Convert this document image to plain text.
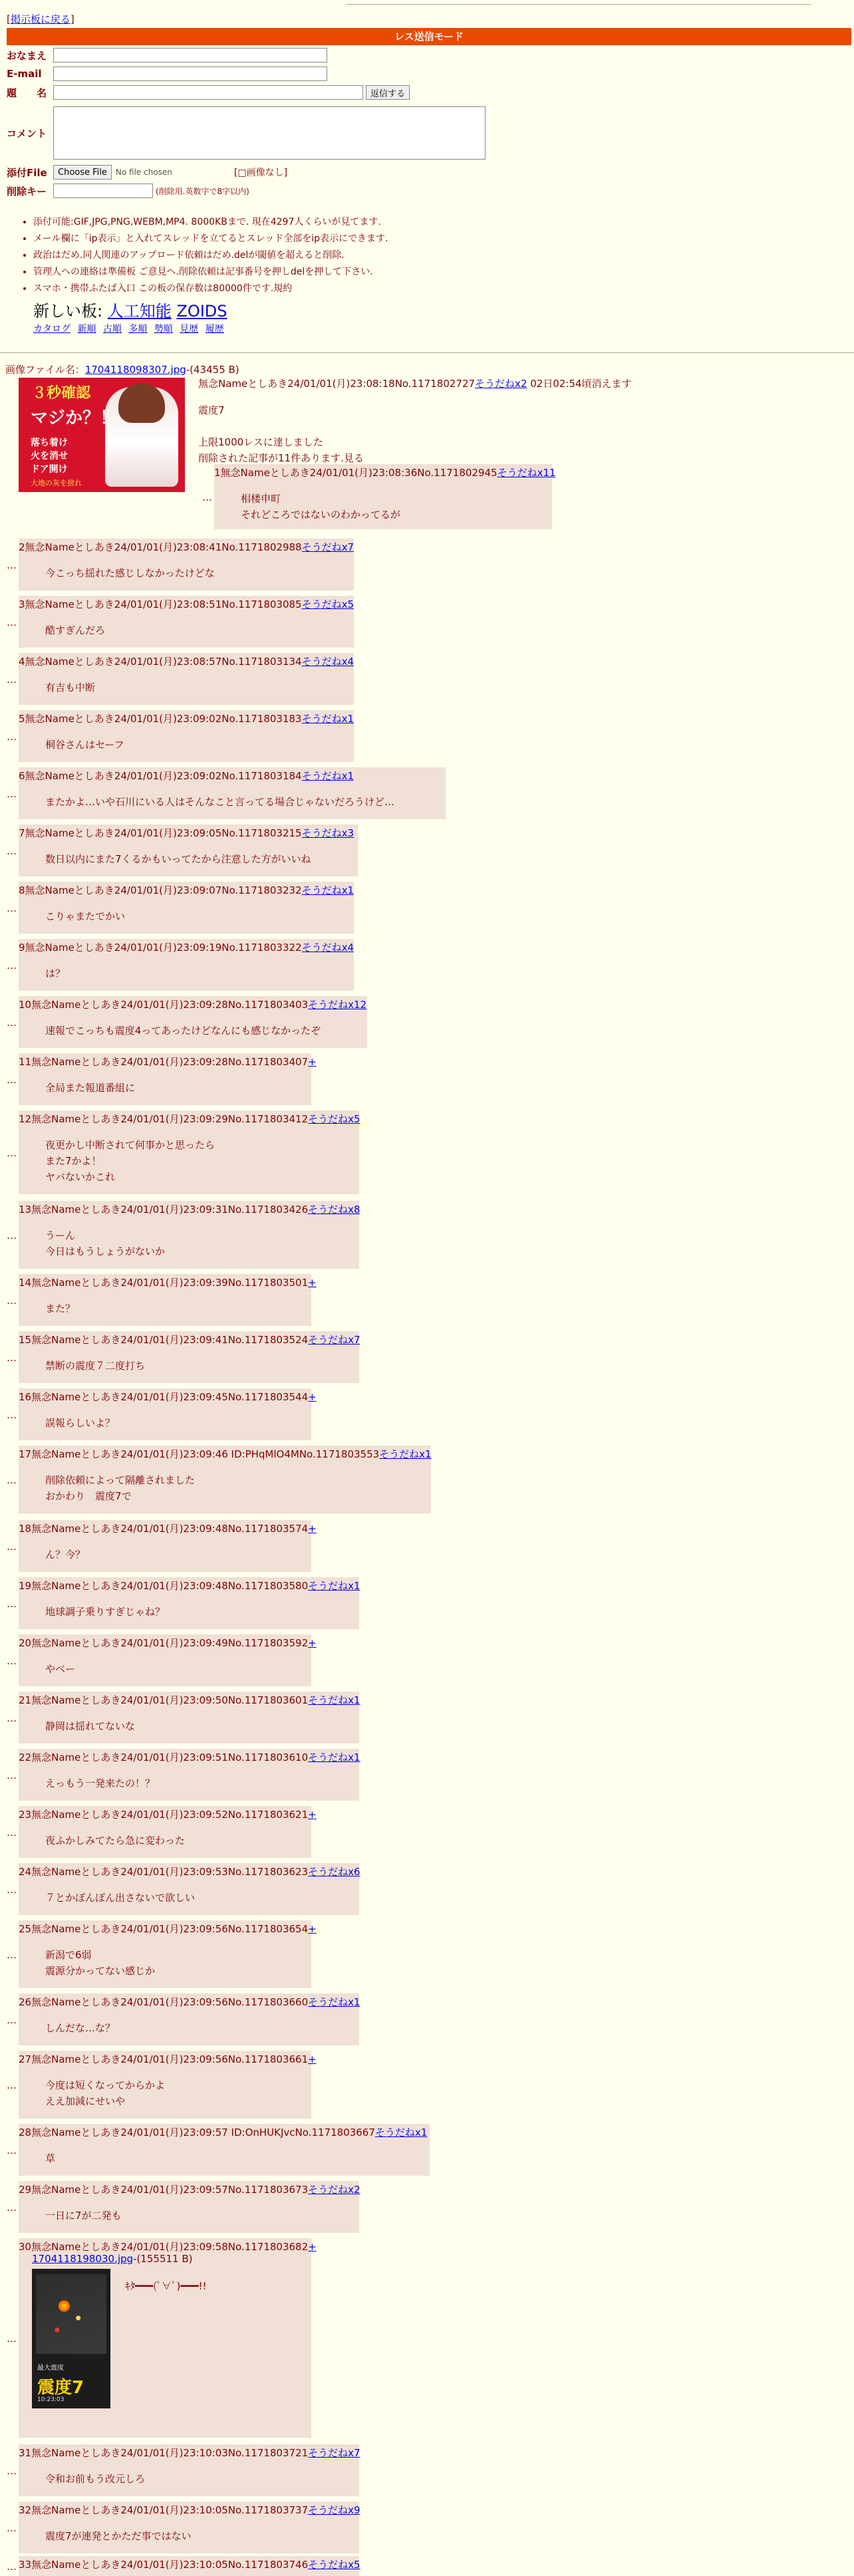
[掲示板に戻る]
レス送信モード
おなまえ
E-mail
題　　名	返信する
コメント
添付File	Choose File	No file chosen	[□画像なし]
削除キー	(削除用.英数字で8字以内)
• 添付可能:GIF,JPG,PNG,WEBM,MP4. 8000KBまで. 現在4297人くらいが見てます.
• メール欄に「ip表示」と入れてスレッドを立てるとスレッド全部をip表示にできます.
• 政治はだめ.同人関連のアップロード依頼はだめ.delが閾値を超えると削除.
• 管理人への連絡は準備板 ご意見へ.削除依頼は記事番号を押しdelを押して下さい.
• スマホ・携帯ふたば入口 この板の保存数は80000件です.規約
新しい板: 人工知能 ZOIDS
カタログ 新順 古順 多順 勢順 見歴 履歴
画像ファイル名：1704118098307.jpg-(43455 B)
３秒確認
マジか？！
落ち着け
火を消せ
ドア開け
大地の灰を捨れ
無念Nameとしあき24/01/01(月)23:08:18No.1171802727そうだねx2 02日02:54頃消えます
震度7
上限1000レスに達しました
削除された記事が11件あります.見る
…
1無念Nameとしあき24/01/01(月)23:08:36No.1171802945そうだねx11
相楼申町
それどころではないのわかってるが
…
2無念Nameとしあき24/01/01(月)23:08:41No.1171802988そうだねx7
今こっち揺れた感じしなかったけどな
…
3無念Nameとしあき24/01/01(月)23:08:51No.1171803085そうだねx5
酷すぎんだろ
…
4無念Nameとしあき24/01/01(月)23:08:57No.1171803134そうだねx4
有吉も中断
…
5無念Nameとしあき24/01/01(月)23:09:02No.1171803183そうだねx1
桐谷さんはセーフ
…
6無念Nameとしあき24/01/01(月)23:09:02No.1171803184そうだねx1
またかよ…いや石川にいる人はそんなこと言ってる場合じゃないだろうけど…
…
7無念Nameとしあき24/01/01(月)23:09:05No.1171803215そうだねx3
数日以内にまた7くるかもいってたから注意した方がいいね
…
8無念Nameとしあき24/01/01(月)23:09:07No.1171803232そうだねx1
こりゃまたでかい
…
9無念Nameとしあき24/01/01(月)23:09:19No.1171803322そうだねx4
は？
…
10無念Nameとしあき24/01/01(月)23:09:28No.1171803403そうだねx12
速報でこっちも震度4ってあったけどなんにも感じなかったぞ
…
11無念Nameとしあき24/01/01(月)23:09:28No.1171803407+
全局また報道番組に
…
12無念Nameとしあき24/01/01(月)23:09:29No.1171803412そうだねx5
夜更かし中断されて何事かと思ったら
また7かよ！
ヤバないかこれ
…
13無念Nameとしあき24/01/01(月)23:09:31No.1171803426そうだねx8
うーん
今日はもうしょうがないか
…
14無念Nameとしあき24/01/01(月)23:09:39No.1171803501+
また？
…
15無念Nameとしあき24/01/01(月)23:09:41No.1171803524そうだねx7
禁断の震度７二度打ち
…
16無念Nameとしあき24/01/01(月)23:09:45No.1171803544+
誤報らしいよ？
…
17無念Nameとしあき24/01/01(月)23:09:46 ID:PHqMlO4MNo.1171803553そうだねx1
削除依頼によって隔離されました
おかわり　震度7で
…
18無念Nameとしあき24/01/01(月)23:09:48No.1171803574+
ん？今？
…
19無念Nameとしあき24/01/01(月)23:09:48No.1171803580そうだねx1
地球調子乗りすぎじゃね？
…
20無念Nameとしあき24/01/01(月)23:09:49No.1171803592+
やベー
…
21無念Nameとしあき24/01/01(月)23:09:50No.1171803601そうだねx1
静岡は揺れてないな
…
22無念Nameとしあき24/01/01(月)23:09:51No.1171803610そうだねx1
えっもう一発来たの！？
…
23無念Nameとしあき24/01/01(月)23:09:52No.1171803621+
夜ふかしみてたら急に変わった
…
24無念Nameとしあき24/01/01(月)23:09:53No.1171803623そうだねx6
７とかぽんぽん出さないで欲しい
…
25無念Nameとしあき24/01/01(月)23:09:56No.1171803654+
新潟で6弱
震源分かってない感じか
…
26無念Nameとしあき24/01/01(月)23:09:56No.1171803660そうだねx1
しんだな…な？
…
27無念Nameとしあき24/01/01(月)23:09:56No.1171803661+
今度は短くなってからかよ
ええ加減にせいや
…
28無念Nameとしあき24/01/01(月)23:09:57 ID:OnHUKJvcNo.1171803667そうだねx1
草
…
29無念Nameとしあき24/01/01(月)23:09:57No.1171803673そうだねx2
一日に7が二発も
…
30無念Nameとしあき24/01/01(月)23:09:58No.1171803682+
1704118198030.jpg-(155511 B)
最大震度
震度7
10:23:03
ｷﾀ━━━(ﾟ∀ﾟ)━━━!!
…
31無念Nameとしあき24/01/01(月)23:10:03No.1171803721そうだねx7
令和お前もう改元しろ
…
32無念Nameとしあき24/01/01(月)23:10:05No.1171803737そうだねx9
震度7が連発とかただ事ではない
… 33無念Nameとしあき24/01/01(月)23:10:05No.1171803746そうだねx5
